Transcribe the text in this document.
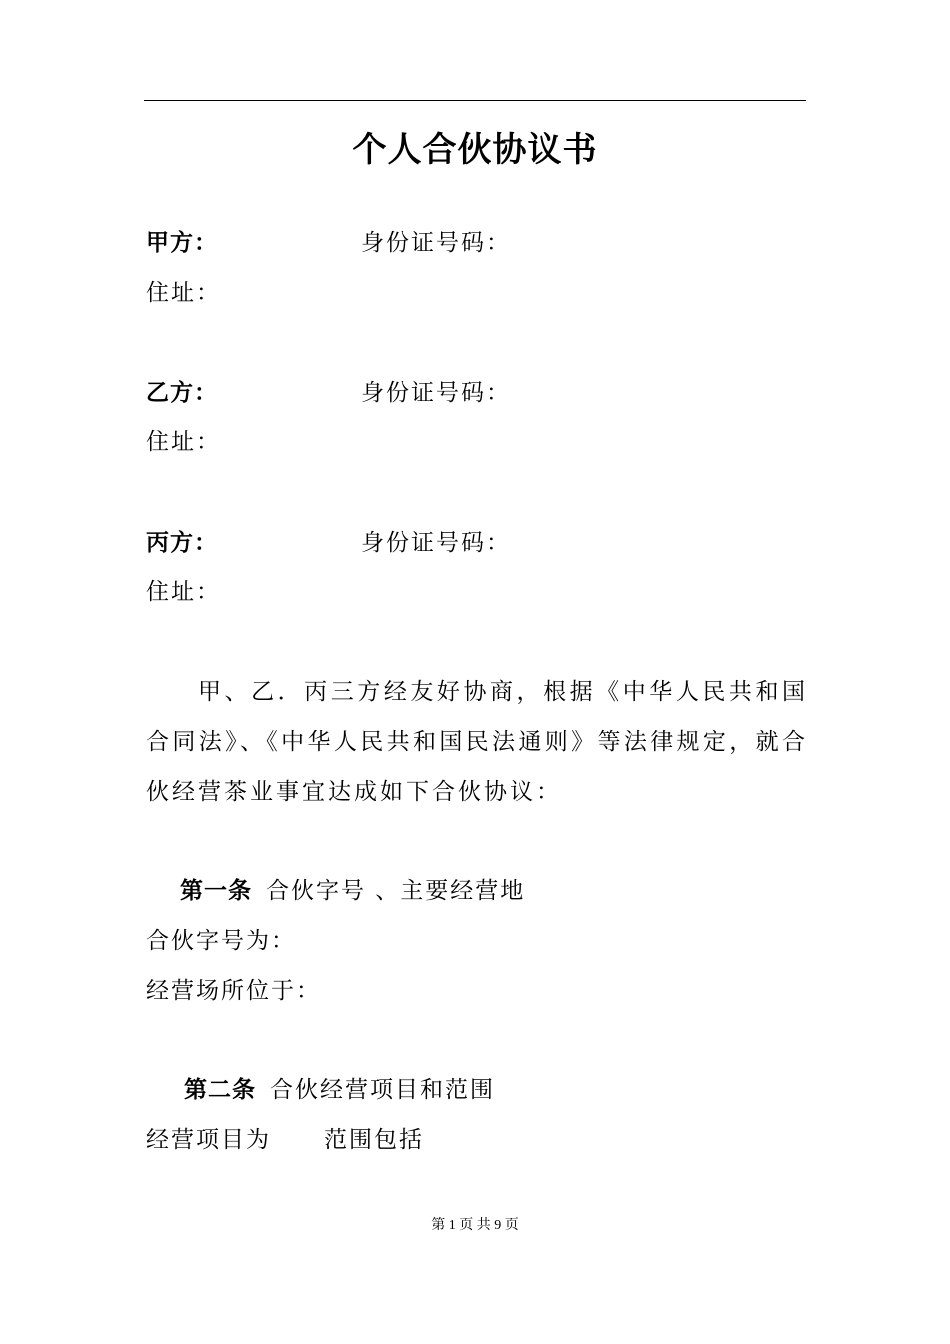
个人合伙协议书
甲方：	身份证号码：
住址：
乙方：	身份证号码：
住址：
丙方：	身份证号码：
住址：
甲、乙．丙三方经友好协商，根据《中华人民共和国合同法》、《中华人民共和国民法通则》等法律规定，就合伙经营茶业事宜达成如下合伙协议：
第一条 合伙字号 、主要经营地
合伙字号为：
经营场所位于：
第二条 合伙经营项目和范围
经营项目为 范围包括
第 1 页 共 9 页
